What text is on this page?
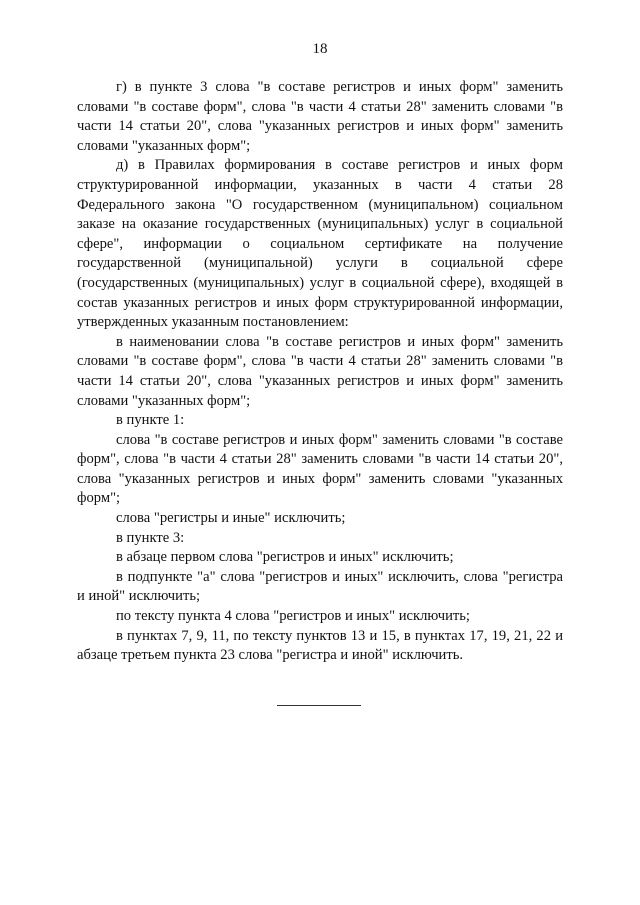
18

г) в пункте 3 слова "в составе регистров и иных форм" заменить словами "в составе форм", слова "в части 4 статьи 28" заменить словами "в части 14 статьи 20", слова "указанных регистров и иных форм" заменить словами "указанных форм";

д) в Правилах формирования в составе регистров и иных форм структурированной информации, указанных в части 4 статьи 28 Федерального закона "О государственном (муниципальном) социальном заказе на оказание государственных (муниципальных) услуг в социальной сфере", информации о социальном сертификате на получение государственной (муниципальной) услуги в социальной сфере (государственных (муниципальных) услуг в социальной сфере), входящей в состав указанных регистров и иных форм структурированной информации, утвержденных указанным постановлением:

в наименовании слова "в составе регистров и иных форм" заменить словами "в составе форм", слова "в части 4 статьи 28" заменить словами "в части 14 статьи 20", слова "указанных регистров и иных форм" заменить словами "указанных форм";

в пункте 1:

слова "в составе регистров и иных форм" заменить словами "в составе форм", слова "в части 4 статьи 28" заменить словами "в части 14 статьи 20", слова "указанных регистров и иных форм" заменить словами "указанных форм";

слова "регистры и иные" исключить;

в пункте 3:

в абзаце первом слова "регистров и иных" исключить;

в подпункте "а" слова "регистров и иных" исключить, слова "регистра и иной" исключить;

по тексту пункта 4 слова "регистров и иных" исключить;

в пунктах 7, 9, 11, по тексту пунктов 13 и 15, в пунктах 17, 19, 21, 22 и абзаце третьем пункта 23 слова "регистра и иной" исключить.
